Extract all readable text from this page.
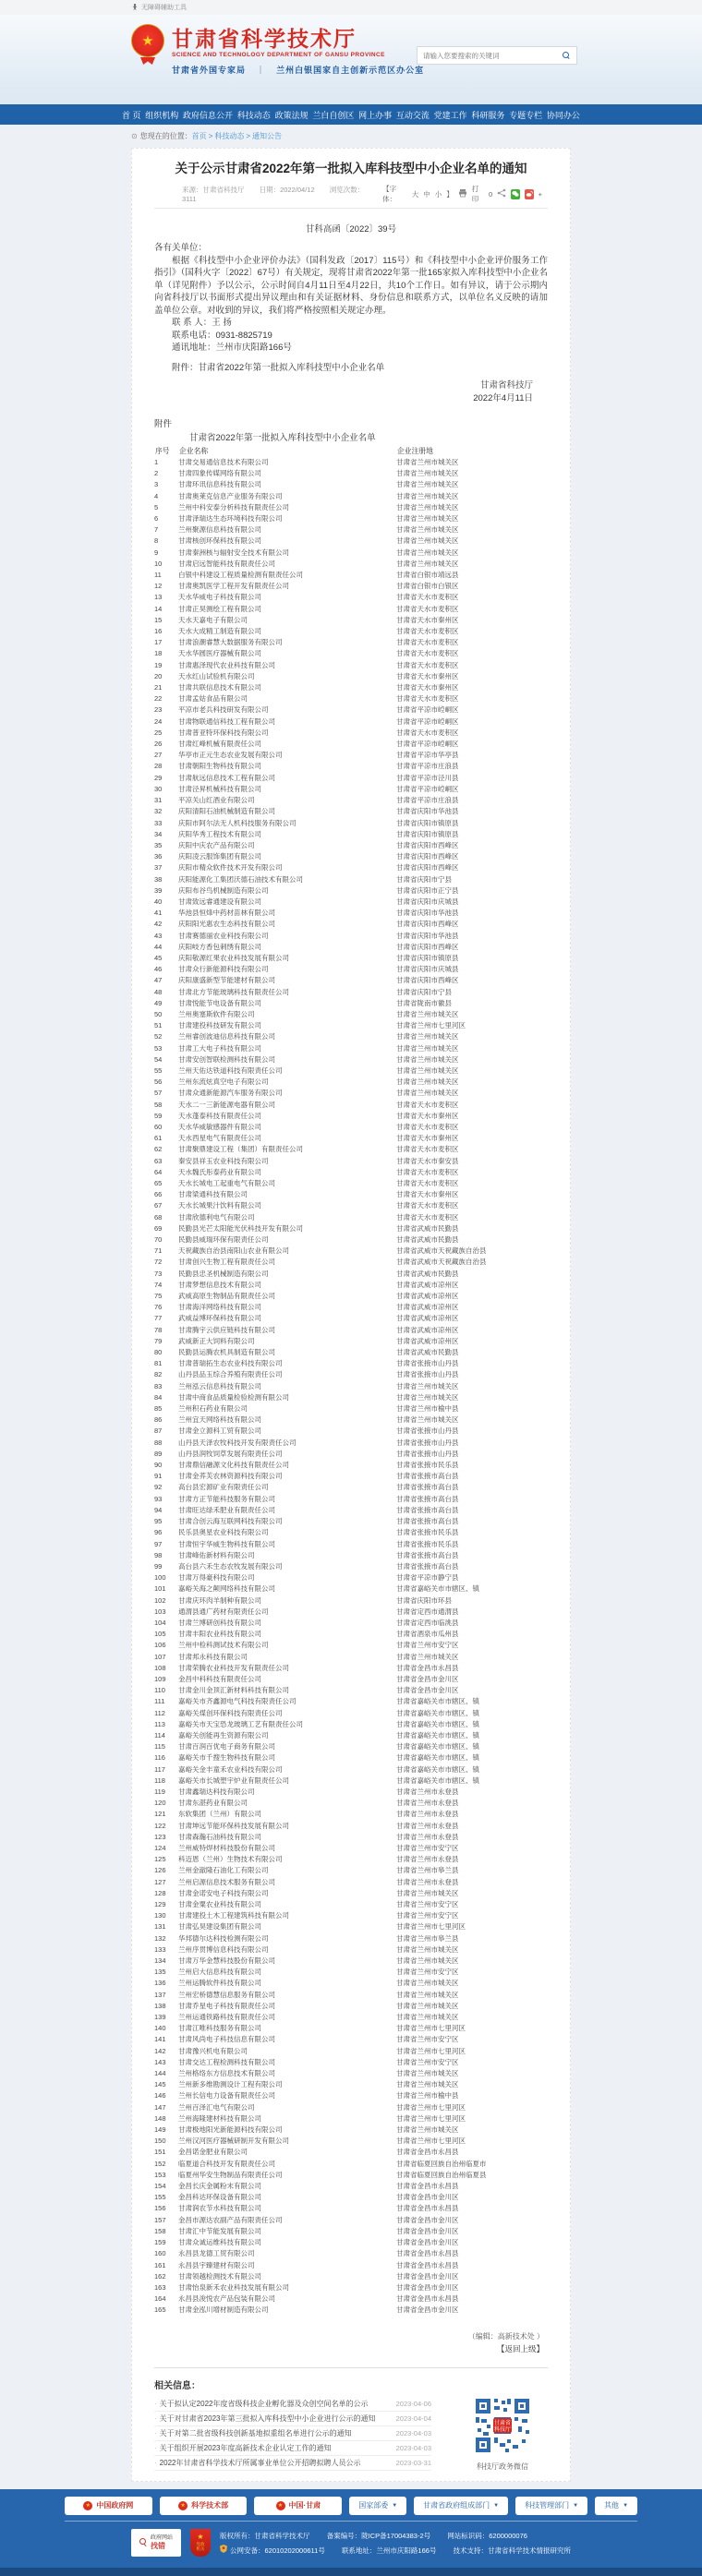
无障碍辅助工具
★ 甘肃省科学技术厅
SCIENCE AND TECHNOLOGY DEPARTMENT OF GANSU PROVINCE
甘肃省外国专家局 ｜ 兰州白银国家自主创新示范区办公室
请输入您要搜索的关键词
首 页 组织机构 政府信息公开 科技动态 政策法规 兰白自创区 网上办事 互动交流 党建工作 科研服务 专题专栏 协同办公
⊙ 您现在的位置：首页 > 科技动态 > 通知公告
关于公示甘肃省2022年第一批拟入库科技型中小企业名单的通知
来源：甘肃省科技厅 日期：2022/04/12 浏览次数：3111
【字体：
大 中 小 】
打印
0	+
甘科高函〔2022〕39号
各有关单位：
根据《科技型中小企业评价办法》（国科发政〔2017〕115号）和《科技型中小企业评价服务工作指引》（国科火字〔2022〕67号）有关规定，现将甘肃省2022年第一批165家拟入库科技型中小企业名单（详见附件）予以公示，公示时间自4月11日至4月22日，共10个工作日。如有异议，请于公示期内向省科技厅以书面形式提出异议理由和有关证据材料、身份信息和联系方式，以单位名义反映的请加盖单位公章。对收到的异议，我们将严格按照相关规定办理。
联 系 人：王 扬
联系电话：0931-8825719
通讯地址：兰州市庆阳路166号
附件：甘肃省2022年第一批拟入库科技型中小企业名单
甘肃省科技厅
2022年4月11日
附件
甘肃省2022年第一批拟入库科技型中小企业名单
序号	企业名称	企业注册地
1	甘肃交易通信息技术有限公司	甘肃省兰州市城关区
2	甘肃四象传媒网络有限公司	甘肃省兰州市城关区
3	甘肃环讯信息科技有限公司	甘肃省兰州市城关区
4	甘肃奥莱克信息产业服务有限公司	甘肃省兰州市城关区
5	兰州中科安泰分析科技有限责任公司	甘肃省兰州市城关区
6	甘肃泽瑞达生态环境科技有限公司	甘肃省兰州市城关区
7	兰州聚源信息科技有限公司	甘肃省兰州市城关区
8	甘肃核创环保科技有限公司	甘肃省兰州市城关区
9	甘肃秦洲核与辐射安全技术有限公司	甘肃省兰州市城关区
10	甘肃启远智能科技有限责任公司	甘肃省兰州市城关区
11	白银中科建设工程质量检测有限责任公司	甘肃省白银市靖远县
12	甘肃奥凯医学工程开发有限责任公司	甘肃省白银市白银区
13	天水华威电子科技有限公司	甘肃省天水市麦积区
14	甘肃正昊测绘工程有限公司	甘肃省天水市麦积区
15	天水天嘉电子有限公司	甘肃省天水市秦州区
16	天水大成精工制造有限公司	甘肃省天水市麦积区
17	甘肃浪潮睿慧大数据服务有限公司	甘肃省天水市麦积区
18	天水华圆医疗器械有限公司	甘肃省天水市麦积区
19	甘肃惠泽现代农业科技有限公司	甘肃省天水市麦积区
20	天水红山试验机有限公司	甘肃省天水市秦州区
21	甘肃共联信息技术有限公司	甘肃省天水市秦州区
22	甘肃孟姑食品有限公司	甘肃省天水市麦积区
23	平凉市老兵科技研发有限公司	甘肃省平凉市崆峒区
24	甘肃物联通信科技工程有限公司	甘肃省平凉市崆峒区
25	甘肃普亚特环保科技有限公司	甘肃省天水市麦积区
26	甘肃红峰机械有限责任公司	甘肃省平凉市崆峒区
27	华亭市正元生态农业发展有限公司	甘肃省平凉市华亭县
28	甘肃朝阳生物科技有限公司	甘肃省平凉市庄浪县
29	甘肃航远信息技术工程有限公司	甘肃省平凉市泾川县
30	甘肃泾昇机械科技有限公司	甘肃省平凉市崆峒区
31	平凉关山红酒业有限公司	甘肃省平凉市庄浪县
32	庆阳清阳石油机械制造有限公司	甘肃省庆阳市华池县
33	庆阳市阿尔法无人机科技服务有限公司	甘肃省庆阳市镇原县
34	庆阳华秀工程技术有限公司	甘肃省庆阳市镇原县
35	庆阳中庆农产品有限公司	甘肃省庆阳市西峰区
36	庆阳凌云服饰集团有限公司	甘肃省庆阳市西峰区
37	庆阳市精众软件技术开发有限公司	甘肃省庆阳市西峰区
38	庆阳能源化工集团沃德石油技术有限公司	甘肃省庆阳市宁县
39	庆阳布谷鸟机械制造有限公司	甘肃省庆阳市正宁县
40	甘肃致远睿通建设有限公司	甘肃省庆阳市庆城县
41	华池县恒烽中药材苗林有限公司	甘肃省庆阳市华池县
42	庆阳阳光惠农生态科技有限公司	甘肃省庆阳市西峰区
43	甘肃赛德丽农业科技有限公司	甘肃省庆阳市华池县
44	庆阳岐方香包刺绣有限公司	甘肃省庆阳市西峰区
45	庆阳敬源红果农业科技发展有限公司	甘肃省庆阳市镇原县
46	甘肃众行新能源科技有限公司	甘肃省庆阳市庆城县
47	庆阳康盛新型节能建材有限公司	甘肃省庆阳市西峰区
48	甘肃北方节能玻璃科技有限责任公司	甘肃省庆阳市宁县
49	甘肃悦能节电设备有限公司	甘肃省陇南市徽县
50	兰州奥塞斯软件有限公司	甘肃省兰州市城关区
51	甘肃建投科技研发有限公司	甘肃省兰州市七里河区
52	兰州睿创波迪信息科技有限公司	甘肃省兰州市城关区
53	甘肃工大电子科技有限公司	甘肃省兰州市城关区
54	甘肃安创智联检测科技有限公司	甘肃省兰州市城关区
55	兰州天佑达铁道科技有限责任公司	甘肃省兰州市城关区
56	兰州东流炫真空电子有限公司	甘肃省兰州市城关区
57	甘肃众通新能源汽车服务有限公司	甘肃省兰州市城关区
58	天水二一三新能源电器有限公司	甘肃省天水市麦积区
59	天水蓬泰科技有限责任公司	甘肃省天水市秦州区
60	天水华威敏感器件有限公司	甘肃省天水市麦积区
61	天水西星电气有限责任公司	甘肃省天水市秦州区
62	甘肃聚鼎建设工程（集团）有限责任公司	甘肃省天水市麦积区
63	秦安县祥玉农业科技有限公司	甘肃省天水市秦安县
64	天水魏氏彤泰药业有限公司	甘肃省天水市麦积区
65	天水长城电工起重电气有限公司	甘肃省天水市麦积区
66	甘肃梁通科技有限公司	甘肃省天水市秦州区
67	天水长城果汁饮料有限公司	甘肃省天水市麦积区
68	甘肃欣德利电气有限公司	甘肃省天水市麦积区
69	民勤县光芒太阳能光伏科技开发有限公司	甘肃省武威市民勤县
70	民勤县威瑞环保有限责任公司	甘肃省武威市民勤县
71	天祝藏族自治县南阳山农业有限公司	甘肃省武威市天祝藏族自治县
72	甘肃创兴生物工程有限责任公司	甘肃省武威市天祝藏族自治县
73	民勤县忠圣机械制造有限公司	甘肃省武威市民勤县
74	甘肃梦想信息技术有限公司	甘肃省武威市凉州区
75	武威高原生物制品有限责任公司	甘肃省武威市凉州区
76	甘肃海洋网络科技有限公司	甘肃省武威市凉州区
77	武威益博环保科技有限公司	甘肃省武威市凉州区
78	甘肃腾宇云供应链科技有限公司	甘肃省武威市凉州区
79	武威新正大饲料有限公司	甘肃省武威市凉州区
80	民勤县运腾农机具制造有限公司	甘肃省武威市民勤县
81	甘肃普瑞拓生态农业科技有限公司	甘肃省张掖市山丹县
82	山丹县品玉综合养殖有限责任公司	甘肃省张掖市山丹县
83	兰州泓云信息科技有限公司	甘肃省兰州市城关区
84	甘肃中商食品质量检验检测有限公司	甘肃省兰州市城关区
85	兰州积石药业有限公司	甘肃省兰州市榆中县
86	兰州宜天网络科技有限公司	甘肃省兰州市城关区
87	甘肃金立源科工贸有限公司	甘肃省张掖市山丹县
88	山丹县天泽农牧科技开发有限责任公司	甘肃省张掖市山丹县
89	山丹县润牧饲草发展有限责任公司	甘肃省张掖市山丹县
90	甘肃鼎信融源文化科技有限责任公司	甘肃省张掖市民乐县
91	甘肃金荞芙农林资源科技有限公司	甘肃省张掖市高台县
92	高台县宏源矿业有限责任公司	甘肃省张掖市高台县
93	甘肃方正节能科技服务有限公司	甘肃省张掖市高台县
94	甘肃旺达绿禾肥业有限责任公司	甘肃省张掖市高台县
95	甘肃合创云海互联网科技有限公司	甘肃省张掖市高台县
96	民乐县奥星农业科技有限公司	甘肃省张掖市民乐县
97	甘肃恒宇华威生物科技有限公司	甘肃省张掖市民乐县
98	甘肃峰佑新材料有限公司	甘肃省张掖市高台县
99	高台县六禾生态农牧发展有限公司	甘肃省张掖市高台县
100	甘肃万得豪科技有限公司	甘肃省平凉市静宁县
101	嘉峪关海之颠网络科技有限公司	甘肃省嘉峪关市市辖区、镇
102	甘肃庆环肉羊制种有限公司	甘肃省庆阳市环县
103	通渭县通广药材有限责任公司	甘肃省定西市通渭县
104	甘肃兰博研创科技有限公司	甘肃省定西市临洮县
105	甘肃丰阳农业科技有限公司	甘肃省酒泉市瓜州县
106	兰州中检科测试技术有限公司	甘肃省兰州市安宁区
107	甘肃邦永科技有限公司	甘肃省兰州市城关区
108	甘肃荣腾农业科技开发有限责任公司	甘肃省金昌市永昌县
109	金昌中科科技有限责任公司	甘肃省金昌市金川区
110	甘肃金川金顶汇新材料科技有限公司	甘肃省金昌市金川区
111	嘉峪关市齐鑫源电气科技有限责任公司	甘肃省嘉峪关市市辖区、镇
112	嘉峪关煤创环保科技有限责任公司	甘肃省嘉峪关市市辖区、镇
113	嘉峪关市天宝恐龙玻璃工艺有限责任公司	甘肃省嘉峪关市市辖区、镇
114	嘉峪关创能再生资源有限公司	甘肃省嘉峪关市市辖区、镇
115	甘肃百润百优电子商务有限公司	甘肃省嘉峪关市市辖区、镇
116	嘉峪关市千搜生物科技有限公司	甘肃省嘉峪关市市辖区、镇
117	嘉峪关金丰童禾农业科技有限公司	甘肃省嘉峪关市市辖区、镇
118	嘉峪关市长城塑宇炉业有限责任公司	甘肃省嘉峪关市市辖区、镇
119	甘肃鑫瑞达科技有限公司	甘肃省兰州市永登县
120	甘肃东湛药业有限公司	甘肃省兰州市永登县
121	东软集团（兰州）有限公司	甘肃省兰州市永登县
122	甘肃坤远节能环保科技发展有限公司	甘肃省兰州市永登县
123	甘肃森瀚石油科技有限公司	甘肃省兰州市永登县
124	兰州威特焊材科技股份有限公司	甘肃省兰州市安宁区
125	科迈恩（兰州）生物技术有限公司	甘肃省兰州市永登县
126	兰州金澈隆石油化工有限公司	甘肃省兰州市皋兰县
127	兰州启源信息技术服务有限公司	甘肃省兰州市永登县
128	甘肃金诺安电子科技有限公司	甘肃省兰州市城关区
129	甘肃金粟农业科技有限公司	甘肃省兰州市安宁区
130	甘肃建投土木工程建筑科技有限公司	甘肃省兰州市安宁区
131	甘肃弘昊建设集团有限公司	甘肃省兰州市七里河区
132	华邦德尔达科技检测有限公司	甘肃省兰州市皋兰县
133	兰州序贯博信息科技有限公司	甘肃省兰州市城关区
134	甘肃万华金慧科技股份有限公司	甘肃省兰州市城关区
135	兰州启大信息科技有限公司	甘肃省兰州市安宁区
136	兰州运腾软件科技有限公司	甘肃省兰州市城关区
137	兰州宏桥德慧信息服务有限公司	甘肃省兰州市城关区
138	甘肃乔星电子科技有限责任公司	甘肃省兰州市城关区
139	兰州运通铁路科技有限责任公司	甘肃省兰州市城关区
140	甘肃江唯科技服务有限公司	甘肃省兰州市七里河区
141	甘肃风尚电子科技信息有限公司	甘肃省兰州市安宁区
142	甘肃豫兴机电有限公司	甘肃省兰州市七里河区
143	甘肃交达工程检测科技有限公司	甘肃省兰州市安宁区
144	兰州格络东方信息技术有限公司	甘肃省兰州市城关区
145	兰州新多维勘测设计工程有限公司	甘肃省兰州市城关区
146	兰州长信电力设备有限责任公司	甘肃省兰州市榆中县
147	兰州百泽汇电气有限公司	甘肃省兰州市七里河区
148	兰州海隆建材科技有限公司	甘肃省兰州市七里河区
149	甘肃极地阳光新能源科技有限公司	甘肃省兰州市城关区
150	兰州汉河医疗器械研制开发有限公司	甘肃省兰州市七里河区
151	金昌诺金肥业有限公司	甘肃省金昌市永昌县
152	临夏道合科技开发有限责任公司	甘肃省临夏回族自治州临夏市
153	临夏州华安生物制品有限责任公司	甘肃省临夏回族自治州临夏县
154	金昌长庆金属粉末有限公司	甘肃省金昌市永昌县
155	金昌科达环保设备有限公司	甘肃省金昌市金川区
156	甘肃润农节水科技有限公司	甘肃省金昌市永昌县
157	金昌市源达农副产品有限责任公司	甘肃省金昌市金川区
158	甘肃汇中节能发展有限公司	甘肃省金昌市金川区
159	甘肃众诚运维科技有限公司	甘肃省金昌市金川区
160	永昌县龙德工贸有限公司	甘肃省金昌市永昌县
161	永昌县宇臻建材有限公司	甘肃省金昌市永昌县
162	甘肃领越检测技术有限公司	甘肃省金昌市金川区
163	甘肃怡泉新禾农业科技发展有限公司	甘肃省金昌市金川区
164	永昌县浚悦农产品包装有限公司	甘肃省金昌市永昌县
165	甘肃金泓川增材制造有限公司	甘肃省金昌市金川区
（编辑：高新技术处 ）
【返回上级】
相关信息：
· 关于拟认定2022年度省级科技企业孵化器及众创空间名单的公示	2023-04-06
· 关于对甘肃省2023年第三批拟入库科技型中小企业进行公示的通知	2023-04-04
· 关于对第二批省级科技创新基地拟重组名单进行公示的通知	2023-04-03
· 关于组织开展2023年度高新技术企业认定工作的通知	2023-04-03
· 2022年甘肃省科学技术厅所属事业单位公开招聘拟聘人员公示	2023-03-31
甘肃省
科技厅
科技厅政务微信
★ 中国政府网	★ 科学技术部	★ 中国·甘肃	国家部委 ▼	甘肃省政府组成部门 ▼	科技管理部门 ▼	其他 ▼
政府网站
找错
★
党政
机关
版权所有：甘肃省科学技术厅 备案编号：陇ICP备17004383-2号 网站标识码：6200000076
公网安备：62010202000611号 联系地址：兰州市庆阳路166号 技术支持：甘肃省科学技术情报研究所
